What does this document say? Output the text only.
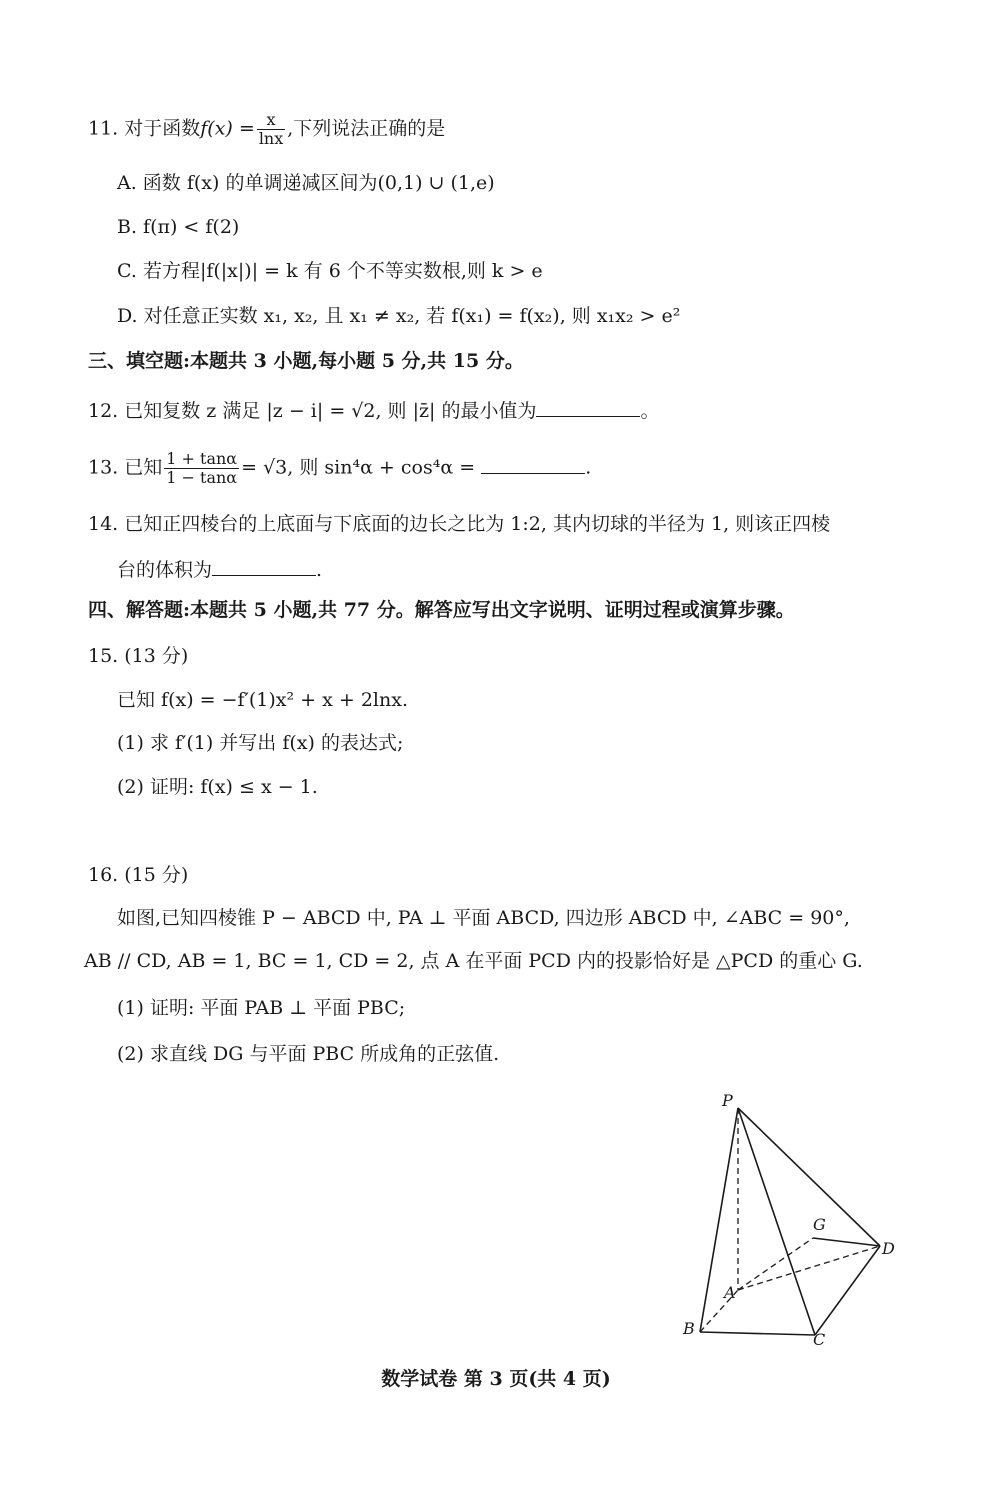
11. 对于函数$f(x) = \frac{x}{\ln x}$ ,下列说法正确的是
A. 函数 f(x) 的单调递减区间为(0,1) ∪ (1,e)
B. f(π) < f(2)
C. 若方程|f(|x|)| = k 有 6 个不等实数根,则 k > e
D. 对任意正实数 x₁, x₂, 且 x₁ ≠ x₂, 若 f(x₁) = f(x₂), 则 x₁x₂ > e²
三、填空题:本题共 3 小题,每小题 5 分,共 15 分。
12. 已知复数 z 满足 |z − i| = √2, 则 |z̄| 的最小值为	。
13. 已知 $\frac{1 + \tan\alpha}{1 - \tan\alpha} = √3$, 则 sin⁴α + cos⁴α =	.
14. 已知正四棱台的上底面与下底面的边长之比为 1:2, 其内切球的半径为 1, 则该正四棱
台的体积为	.
四、解答题:本题共 5 小题,共 77 分。解答应写出文字说明、证明过程或演算步骤。
15. (13 分)
已知 f(x) = −f′(1)x² + x + 2lnx.
(1) 求 f′(1) 并写出 f(x) 的表达式;
(2) 证明: f(x) ≤ x − 1.
16. (15 分)
如图,已知四棱锥 P − ABCD 中, PA ⊥ 平面 ABCD, 四边形 ABCD 中, ∠ABC = 90°,
AB // CD, AB = 1, BC = 1, CD = 2, 点 A 在平面 PCD 内的投影恰好是 △PCD 的重心 G.
(1) 证明: 平面 PAB ⊥ 平面 PBC;
(2) 求直线 DG 与平面 PBC 所成角的正弦值.
P
G
D
A
B
C
数学试卷 第 3 页(共 4 页)
